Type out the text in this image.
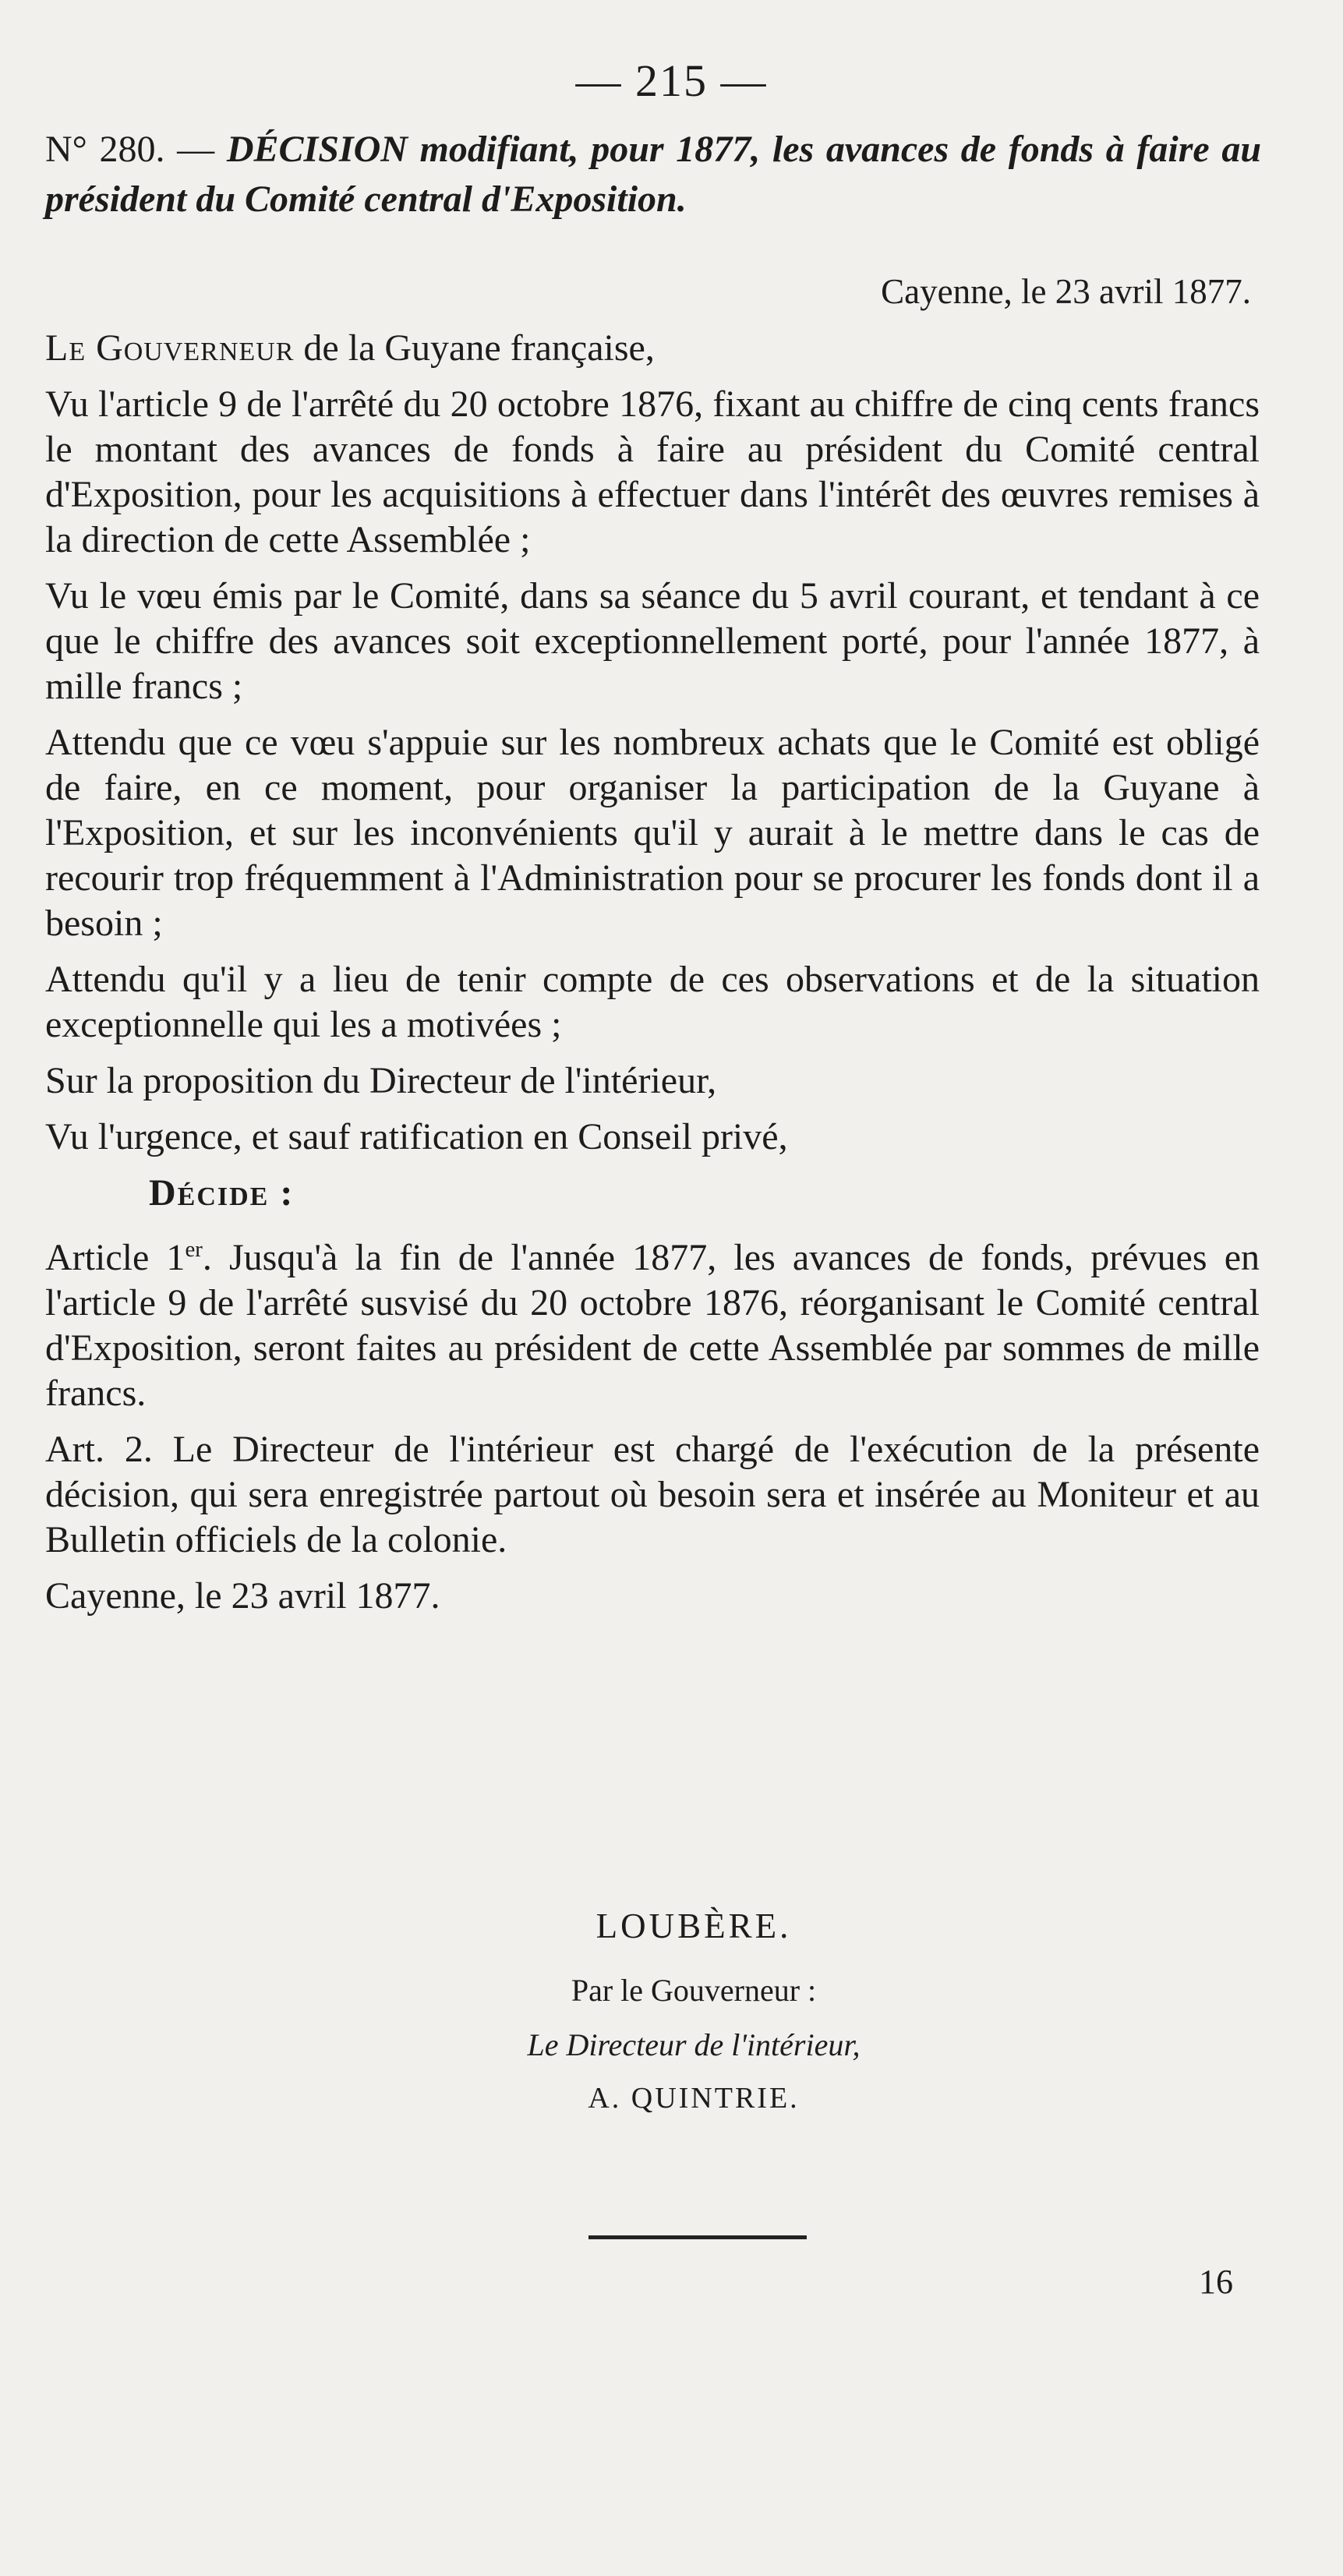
— 215 —
N° 280. — DÉCISION modifiant, pour 1877, les avances de fonds à faire au président du Comité central d'Exposition.
Cayenne, le 23 avril 1877.

Le Gouverneur de la Guyane française,

Vu l'article 9 de l'arrêté du 20 octobre 1876, fixant au chiffre de cinq cents francs le montant des avances de fonds à faire au président du Comité central d'Exposition, pour les acquisitions à effectuer dans l'intérêt des œuvres remises à la direction de cette Assemblée ;

Vu le vœu émis par le Comité, dans sa séance du 5 avril courant, et tendant à ce que le chiffre des avances soit exceptionnellement porté, pour l'année 1877, à mille francs ;

Attendu que ce vœu s'appuie sur les nombreux achats que le Comité est obligé de faire, en ce moment, pour organiser la participation de la Guyane à l'Exposition, et sur les inconvénients qu'il y aurait à le mettre dans le cas de recourir trop fréquemment à l'Administration pour se procurer les fonds dont il a besoin ;

Attendu qu'il y a lieu de tenir compte de ces observations et de la situation exceptionnelle qui les a motivées ;

Sur la proposition du Directeur de l'intérieur,

Vu l'urgence, et sauf ratification en Conseil privé,

Décide :

Article 1er. Jusqu'à la fin de l'année 1877, les avances de fonds, prévues en l'article 9 de l'arrêté susvisé du 20 octobre 1876, réorganisant le Comité central d'Exposition, seront faites au président de cette Assemblée par sommes de mille francs.

Art. 2. Le Directeur de l'intérieur est chargé de l'exécution de la présente décision, qui sera enregistrée partout où besoin sera et insérée au Moniteur et au Bulletin officiels de la colonie.

Cayenne, le 23 avril 1877.

LOUBÈRE.
Par le Gouverneur :
Le Directeur de l'intérieur,
A. QUINTRIE.
16
